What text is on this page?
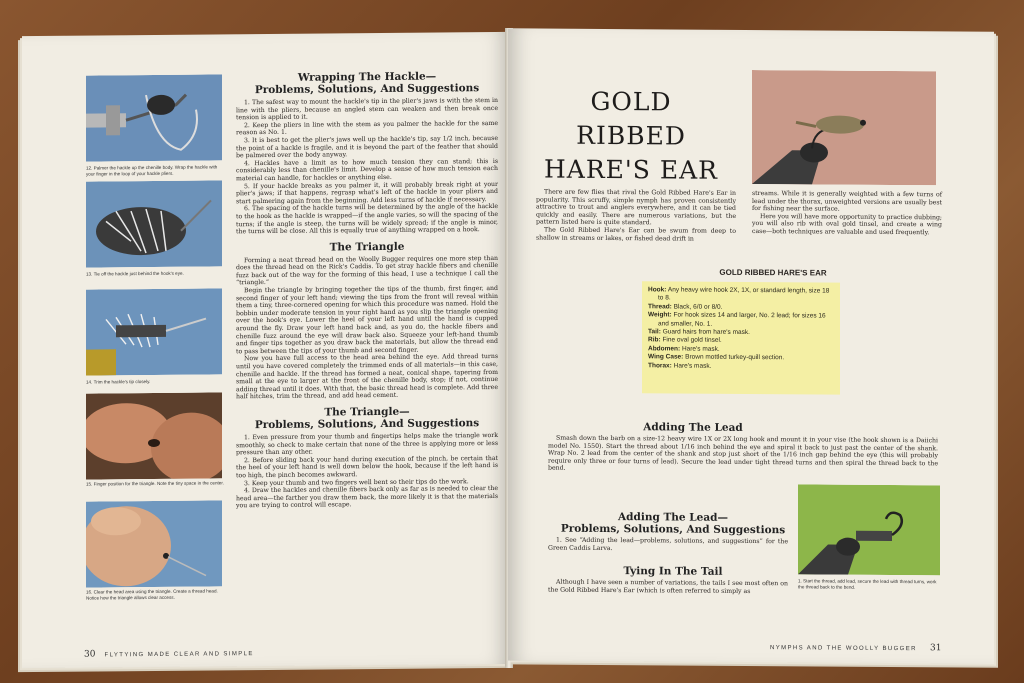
12. Palmer the hackle up the chenille body. Wrap the hackle with your finger in the loop of your hackle pliers.
13. Tie off the hackle just behind the hook's eye.
14. Trim the hackle's tip closely.
15. Finger position for the triangle. Note the tiny space in the center.
16. Clear the head area using the triangle. Create a thread head. Notice how the triangle allows clear access.
Wrapping The Hackle—
Problems, Solutions, And Suggestions

1. The safest way to mount the hackle's tip in the plier's jaws is with the stem in line with the pliers, because an angled stem can weaken and then break once tension is applied to it.

2. Keep the pliers in line with the stem as you palmer the hackle for the same reason as No. 1.

3. It is best to get the plier's jaws well up the hackle's tip, say 1/2 inch, because the point of a hackle is fragile, and it is beyond the part of the feather that should be palmered over the body anyway.

4. Hackles have a limit as to how much tension they can stand; this is considerably less than chenille's limit. Develop a sense of how much tension each material can handle, for hackles or anything else.

5. If your hackle breaks as you palmer it, it will probably break right at your plier's jaws; if that happens, regrasp what's left of the hackle in your pliers and start palmering again from the beginning. Add less turns of hackle if necessary.

6. The spacing of the hackle turns will be determined by the angle of the hackle to the hook as the hackle is wrapped—if the angle varies, so will the spacing of the turns; if the angle is steep, the turns will be widely spread; if the angle is minor, the turns will be close. All this is equally true of anything wrapped on a hook.

The Triangle

Forming a neat thread head on the Woolly Bugger requires one more step than does the thread head on the Rick's Caddis. To get stray hackle fibers and chenille fuzz back out of the way for the forming of this head, I use a technique I call the “triangle.”

Begin the triangle by bringing together the tips of the thumb, first finger, and second finger of your left hand; viewing the tips from the front will reveal within them a tiny, three-cornered opening for which this procedure was named. Hold the bobbin under moderate tension in your right hand as you slip the triangle opening over the hook's eye. Lower the heel of your left hand until the hand is cupped around the fly. Draw your left hand back and, as you do, the hackle fibers and chenille fuzz around the eye will draw back also. Squeeze your left-hand thumb and finger tips together as you draw back the materials, but allow the thread end to pass between the tips of your thumb and second finger.

Now you have full access to the head area behind the eye. Add thread turns until you have covered completely the trimmed ends of all materials—in this case, chenille and hackle. If the thread has formed a neat, conical shape, tapering from small at the eye to larger at the front of the chenille body, stop; if not, continue adding thread until it does. With that, the basic thread head is complete. Add three half hitches, trim the thread, and add head cement.

The Triangle—
Problems, Solutions, And Suggestions

1. Even pressure from your thumb and fingertips helps make the triangle work smoothly, so check to make certain that none of the three is applying more or less pressure than any other.

2. Before sliding back your hand during execution of the pinch, be certain that the heel of your left hand is well down below the hook, because if the left hand is too high, the pinch becomes awkward.

3. Keep your thumb and two fingers well bent so their tips do the work.

4. Draw the hackles and chenille fibers back only as far as is needed to clear the head area—the farther you draw them back, the more likely it is that the materials you are trying to control will escape.

30 FLYTYING MADE CLEAR AND SIMPLE
GOLD RIBBED
HARE'S EAR

There are few flies that rival the Gold Ribbed Hare's Ear in popularity. This scruffy, simple nymph has proven consistently attractive to trout and anglers everywhere, and it can be tied quickly and easily. There are numerous variations, but the pattern listed here is quite standard.

The Gold Ribbed Hare's Ear can be swum from deep to shallow in streams or lakes, or fished dead drift in

streams. While it is generally weighted with a few turns of lead under the thorax, unweighted versions are usually best for fishing near the surface.

Here you will have more opportunity to practice dubbing; you will also rib with oval gold tinsel, and create a wing case—both techniques are valuable and used frequently.

GOLD RIBBED HARE'S EAR
Hook: Any heavy wire hook 2X, 1X, or standard length, size 18 to 8.
Thread: Black, 6/0 or 8/0.
Weight: For hook sizes 14 and larger, No. 2 lead; for sizes 16 and smaller, No. 1.
Tail: Guard hairs from hare's mask.
Rib: Fine oval gold tinsel.
Abdomen: Hare's mask.
Wing Case: Brown mottled turkey-quill section.
Thorax: Hare's mask.
Adding The Lead

Smash down the barb on a size-12 heavy wire 1X or 2X long hook and mount it in your vise (the hook shown is a Daiichi model No. 1550). Start the thread about 1/16 inch behind the eye and spiral it back to just past the center of the shank. Wrap No. 2 lead from the center of the shank and stop just short of the 1/16 inch gap behind the eye (this will probably require only three or four turns of lead). Secure the lead under tight thread turns and then spiral the thread back to the bend.

Adding The Lead—
Problems, Solutions, And Suggestions

1. See “Adding the lead—problems, solutions, and suggestions” for the Green Caddis Larva.

Tying In The Tail

Although I have seen a number of variations, the tails I see most often on the Gold Ribbed Hare's Ear (which is often referred to simply as

1. Start the thread, add lead, secure the lead with thread turns, work the thread back to the bend.
NYMPHS AND THE WOOLLY BUGGER 31
